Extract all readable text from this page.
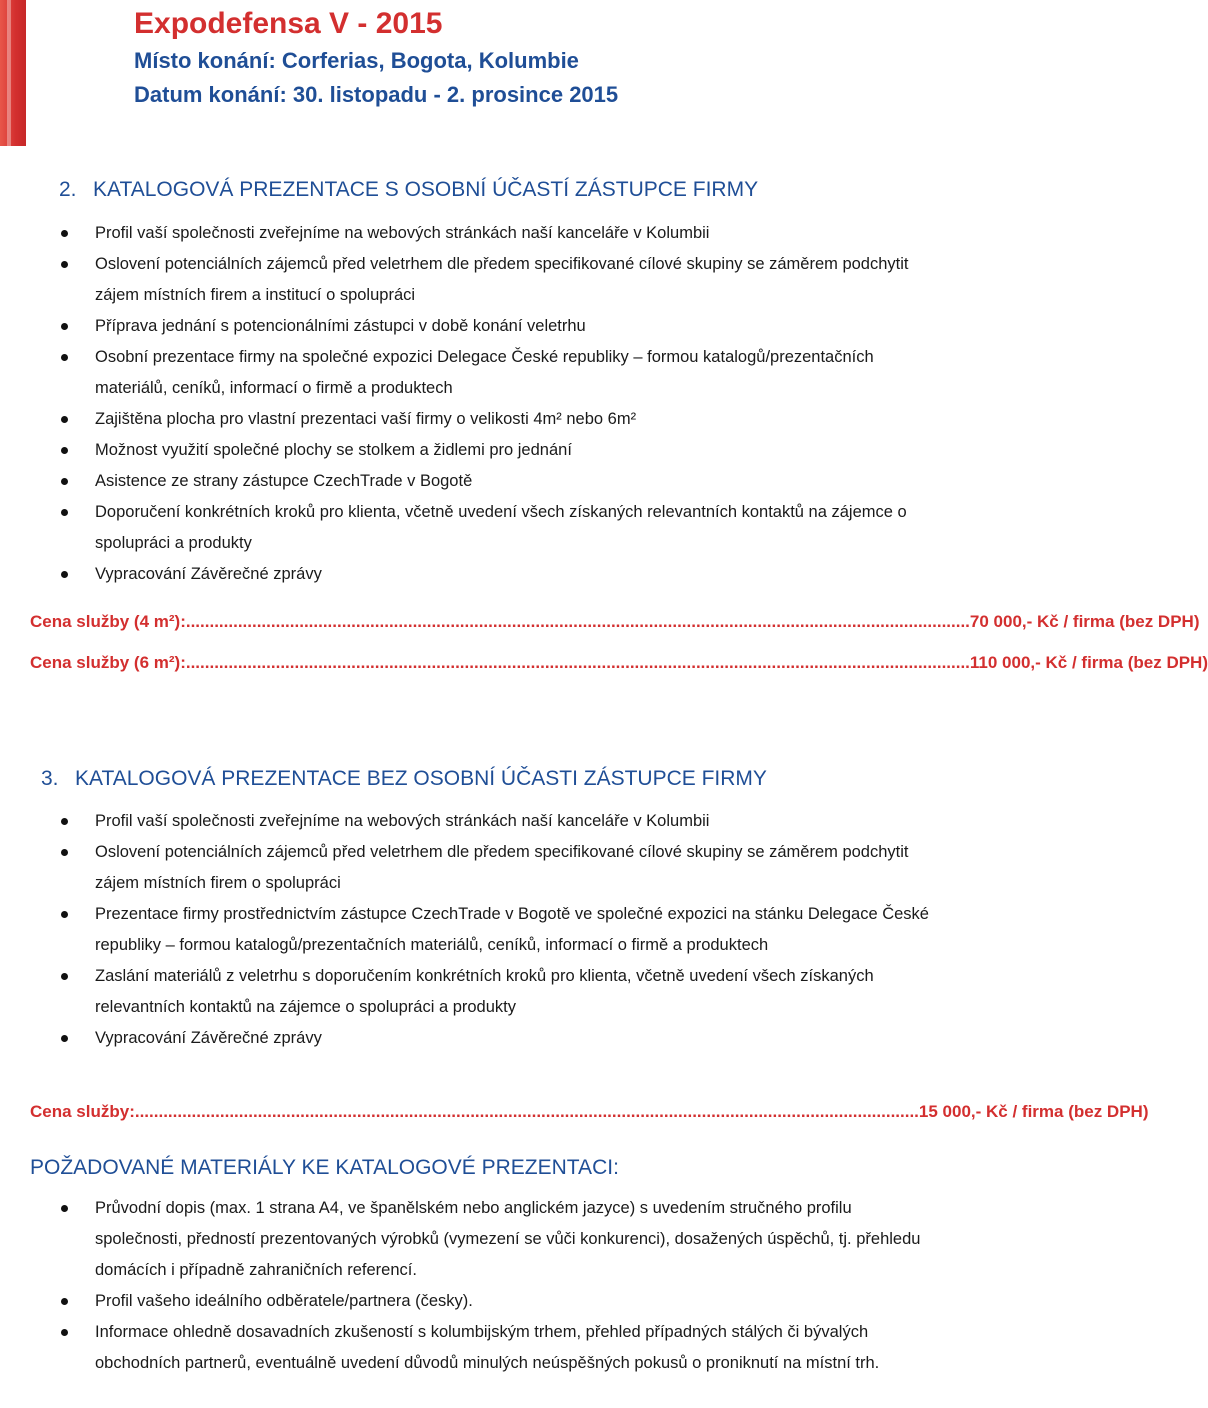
Expodefensa V - 2015
Místo konání: Corferias, Bogota, Kolumbie
Datum konání: 30. listopadu - 2. prosince 2015
2. KATALOGOVÁ PREZENTACE S OSOBNÍ ÚČASTÍ ZÁSTUPCE FIRMY
Profil vaší společnosti zveřejníme na webových stránkách naší kanceláře v Kolumbii
Oslovení potenciálních zájemců před veletrhem dle předem specifikované cílové skupiny se záměrem podchytit zájem místních firem a institucí o spolupráci
Příprava jednání s potencionálními zástupci v době konání veletrhu
Osobní prezentace firmy na společné expozici Delegace České republiky – formou katalogů/prezentačních materiálů, ceníků, informací o firmě a produktech
Zajištěna plocha pro vlastní prezentaci vaší firmy o velikosti 4m² nebo 6m²
Možnost využití společné plochy se stolkem a židlemi pro jednání
Asistence ze strany zástupce CzechTrade v Bogotě
Doporučení konkrétních kroků pro klienta, včetně uvedení všech získaných relevantních kontaktů na zájemce o spolupráci a produkty
Vypracování Závěrečné zprávy
Cena služby (4 m²): ...................................................................................................................................................................... 70 000,- Kč / firma (bez DPH)
Cena služby (6 m²): ...................................................................................................................................................................... 110 000,- Kč / firma (bez DPH)
3. KATALOGOVÁ PREZENTACE BEZ OSOBNÍ ÚČASTI ZÁSTUPCE FIRMY
Profil vaší společnosti zveřejníme na webových stránkách naší kanceláře v Kolumbii
Oslovení potenciálních zájemců před veletrhem dle předem specifikované cílové skupiny se záměrem podchytit zájem místních firem o spolupráci
Prezentace firmy prostřednictvím zástupce CzechTrade v Bogotě ve společné expozici na stánku Delegace České republiky – formou katalogů/prezentačních materiálů, ceníků, informací o firmě a produktech
Zaslání materiálů z veletrhu s doporučením konkrétních kroků pro klienta, včetně uvedení všech získaných relevantních kontaktů na zájemce o spolupráci a produkty
Vypracování Závěrečné zprávy
Cena služby: ...................................................................................................................................................................... 15 000,- Kč / firma (bez DPH)
POŽADOVANÉ MATERIÁLY KE KATALOGOVÉ PREZENTACI:
Průvodní dopis (max. 1 strana A4, ve španělském nebo anglickém jazyce) s uvedením stručného profilu společnosti, předností prezentovaných výrobků (vymezení se vůči konkurenci), dosažených úspěchů, tj. přehledu domácích i případně zahraničních referencí.
Profil vašeho ideálního odběratele/partnera (česky).
Informace ohledně dosavadních zkušeností s kolumbijským trhem, přehled případných stálých či bývalých obchodních partnerů, eventuálně uvedení důvodů minulých neúspěšných pokusů o proniknutí na místní trh.
